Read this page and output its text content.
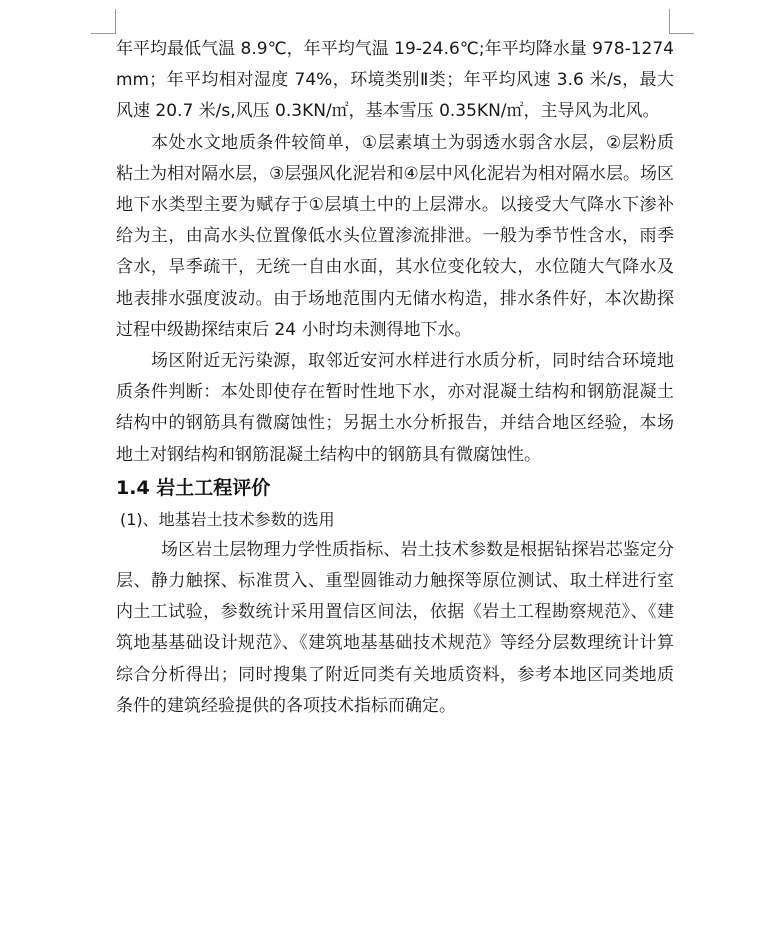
年平均最低气温 8.9℃，年平均气温 19-24.6℃;年平均降水量 978-1274mm；年平均相对湿度 74%，环境类别Ⅱ类；年平均风速 3.6 米/s，最大风速 20.7 米/s,风压 0.3KN/㎡，基本雪压 0.35KN/㎡，主导风为北风。

本处水文地质条件较简单，①层素填土为弱透水弱含水层，②层粉质粘土为相对隔水层，③层强风化泥岩和④层中风化泥岩为相对隔水层。场区地下水类型主要为赋存于①层填土中的上层滞水。以接受大气降水下渗补给为主，由高水头位置像低水头位置渗流排泄。一般为季节性含水，雨季含水，旱季疏干，无统一自由水面，其水位变化较大，水位随大气降水及地表排水强度波动。由于场地范围内无储水构造，排水条件好，本次勘探过程中级勘探结束后 24 小时均未测得地下水。

场区附近无污染源，取邻近安河水样进行水质分析，同时结合环境地质条件判断：本处即使存在暂时性地下水，亦对混凝土结构和钢筋混凝土结构中的钢筋具有微腐蚀性；另据土水分析报告，并结合地区经验，本场地土对钢结构和钢筋混凝土结构中的钢筋具有微腐蚀性。

1.4 岩土工程评价
(1)、地基岩土技术参数的选用

场区岩土层物理力学性质指标、岩土技术参数是根据钻探岩芯鉴定分层、静力触探、标准贯入、重型圆锥动力触探等原位测试、取土样进行室内土工试验，参数统计采用置信区间法，依据《岩土工程勘察规范》、《建筑地基基础设计规范》、《建筑地基基础技术规范》等经分层数理统计计算综合分析得出；同时搜集了附近同类有关地质资料，参考本地区同类地质条件的建筑经验提供的各项技术指标而确定。
